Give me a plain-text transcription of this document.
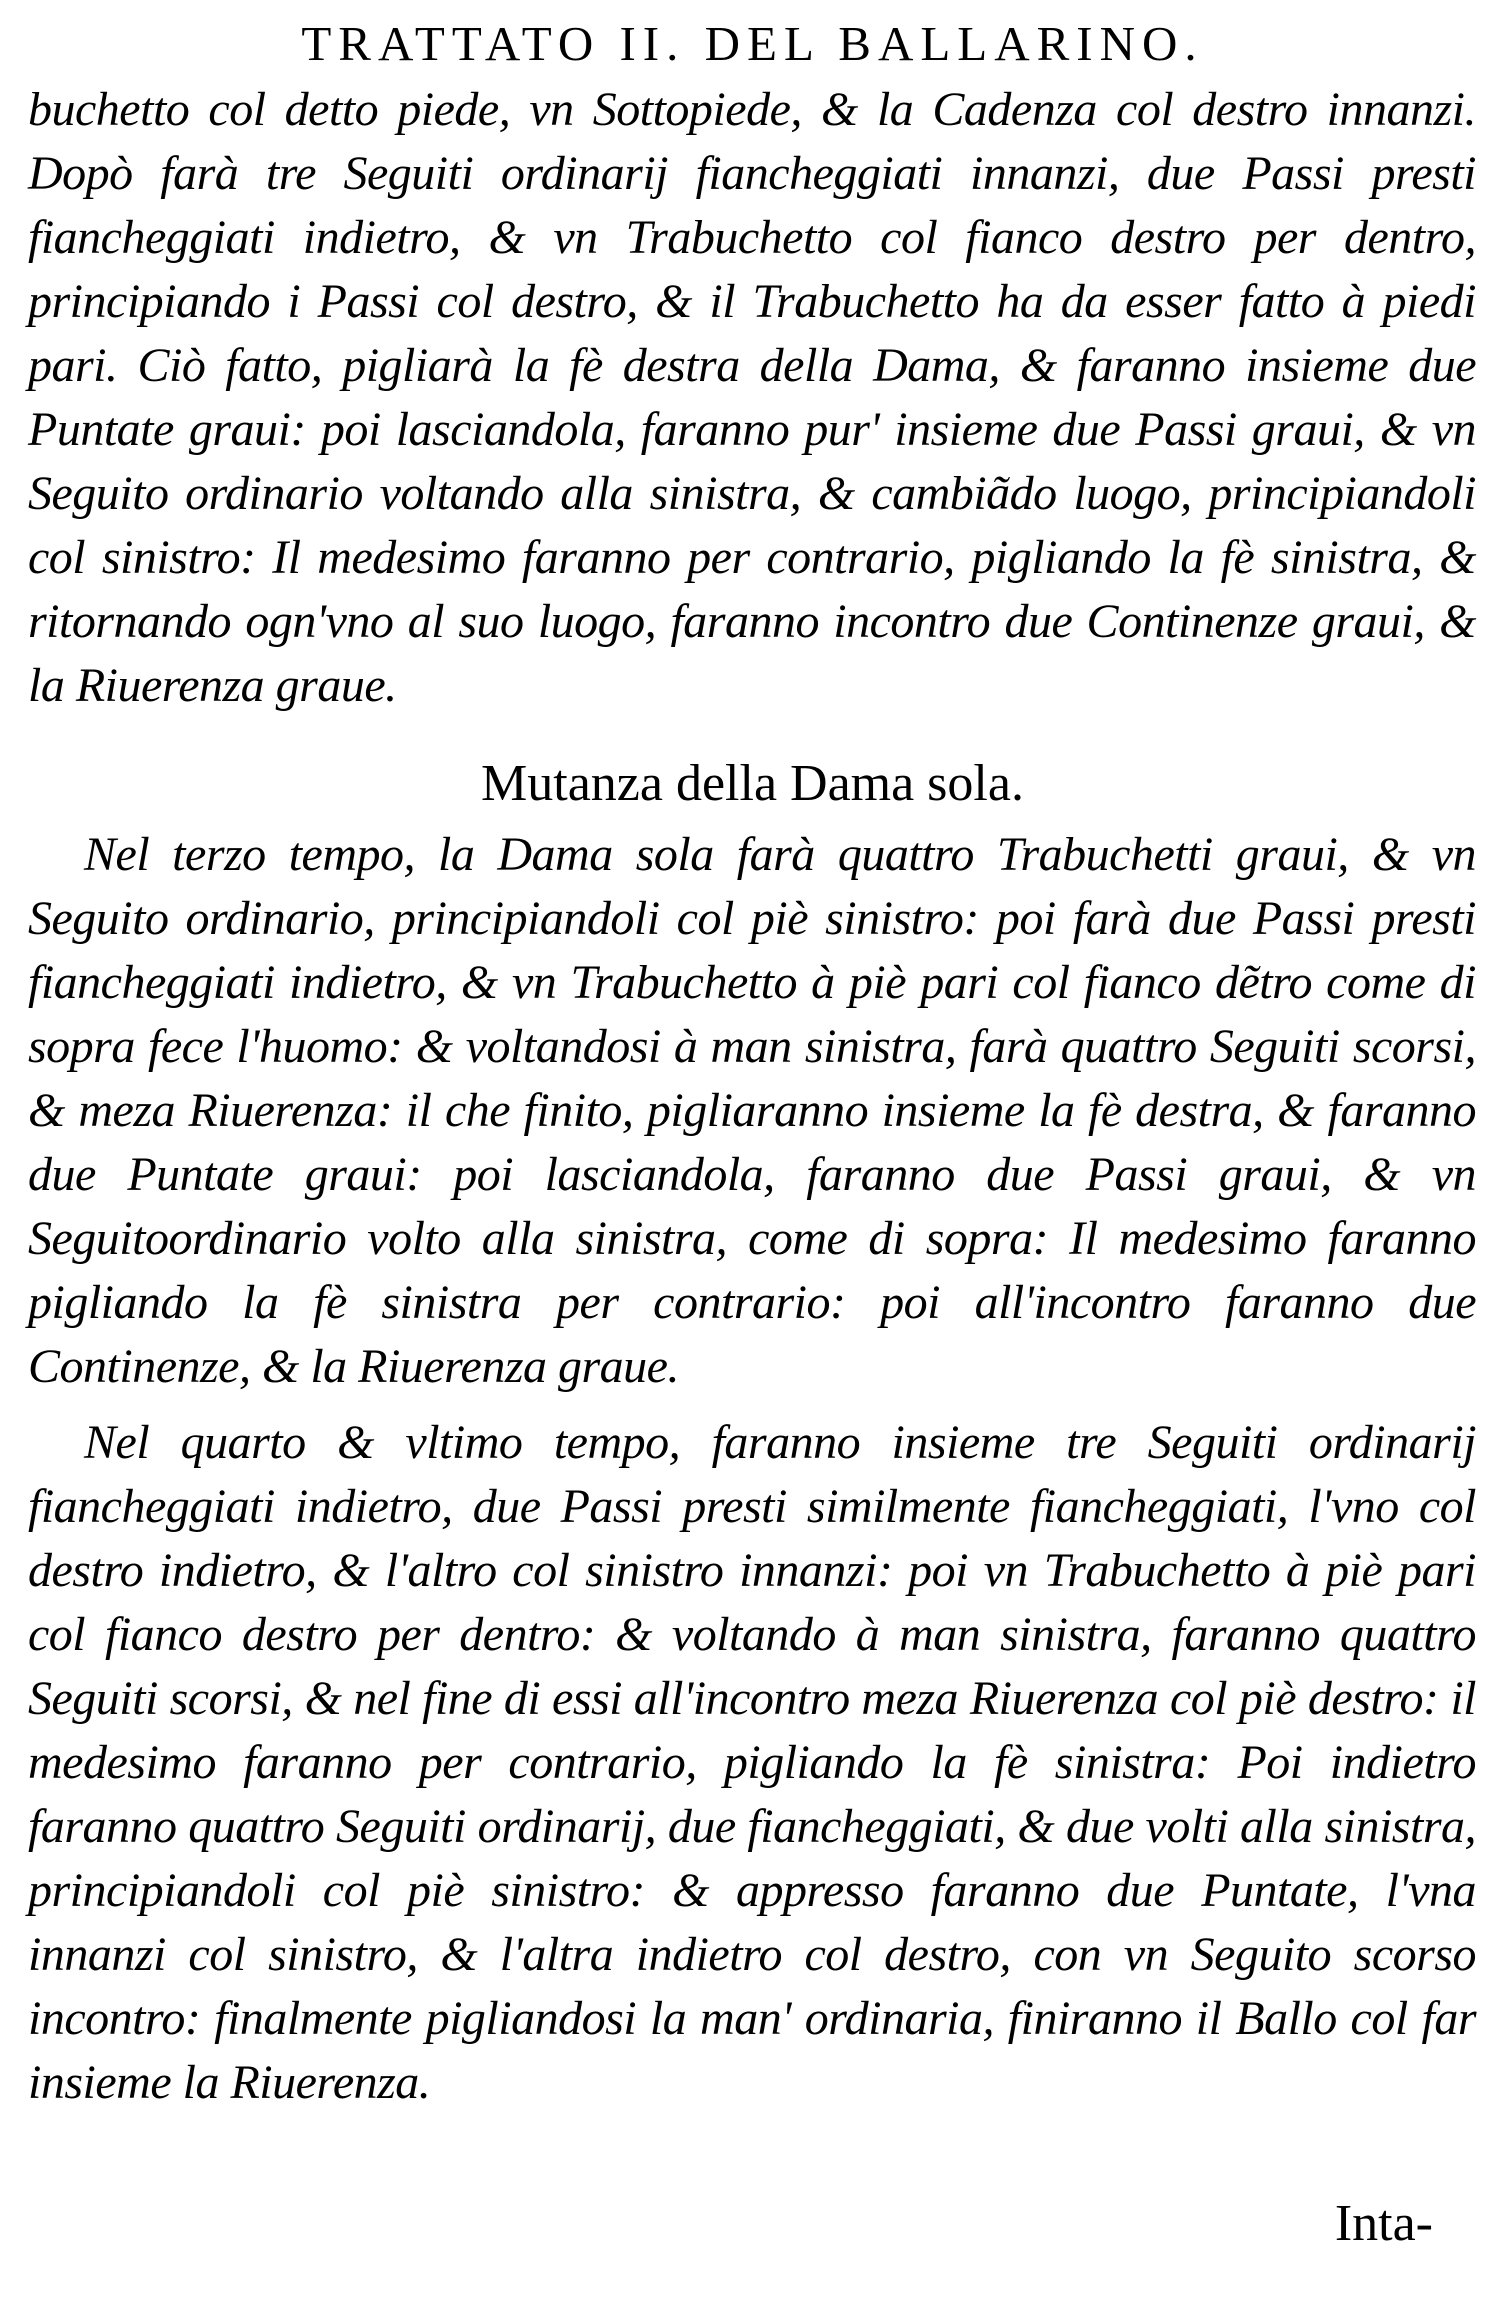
TRATTATO II. DEL BALLARINO.

buchetto col detto piede, vn Sottopiede, & la Cadenza col destro innanzi. Dopò farà tre Seguiti ordinarij fiancheggiati innanzi, due Passi presti fiancheggiati indietro, & vn Trabuchetto col fianco destro per dentro, principiando i Passi col destro, & il Trabuchetto ha da esser fatto à piedi pari. Ciò fatto, pigliarà la fè destra della Dama, & faranno insieme due Puntate graui: poi lasciandola, faranno pur' insieme due Passi graui, & vn Seguito ordinario voltando alla sinistra, & cambiãdo luogo, principiandoli col sinistro: Il medesimo faranno per contrario, pigliando la fè sinistra, & ritornando ogn'vno al suo luogo, faranno incontro due Continenze graui, & la Riuerenza graue.

Mutanza della Dama sola.

Nel terzo tempo, la Dama sola farà quattro Trabuchetti graui, & vn Seguito ordinario, principiandoli col piè sinistro: poi farà due Passi presti fiancheggiati indietro, & vn Trabuchetto à piè pari col fianco dẽtro come di sopra fece l'huomo: & voltandosi à man sinistra, farà quattro Seguiti scorsi, & meza Riuerenza: il che finito, pigliaranno insieme la fè destra, & faranno due Puntate graui: poi lasciandola, faranno due Passi graui, & vn Seguitoordinario volto alla sinistra, come di sopra: Il medesimo faranno pigliando la fè sinistra per contrario: poi all'incontro faranno due Continenze, & la Riuerenza graue.

Nel quarto & vltimo tempo, faranno insieme tre Seguiti ordinarij fiancheggiati indietro, due Passi presti similmente fiancheggiati, l'vno col destro indietro, & l'altro col sinistro innanzi: poi vn Trabuchetto à piè pari col fianco destro per dentro: & voltando à man sinistra, faranno quattro Seguiti scorsi, & nel fine di essi all'incontro meza Riuerenza col piè destro: il medesimo faranno per contrario, pigliando la fè sinistra: Poi indietro faranno quattro Seguiti ordinarij, due fiancheggiati, & due volti alla sinistra, principiandoli col piè sinistro: & appresso faranno due Puntate, l'vna innanzi col sinistro, & l'altra indietro col destro, con vn Seguito scorso incontro: finalmente pigliandosi la man' ordinaria, finiranno il Ballo col far insieme la Riuerenza.

Inta-
